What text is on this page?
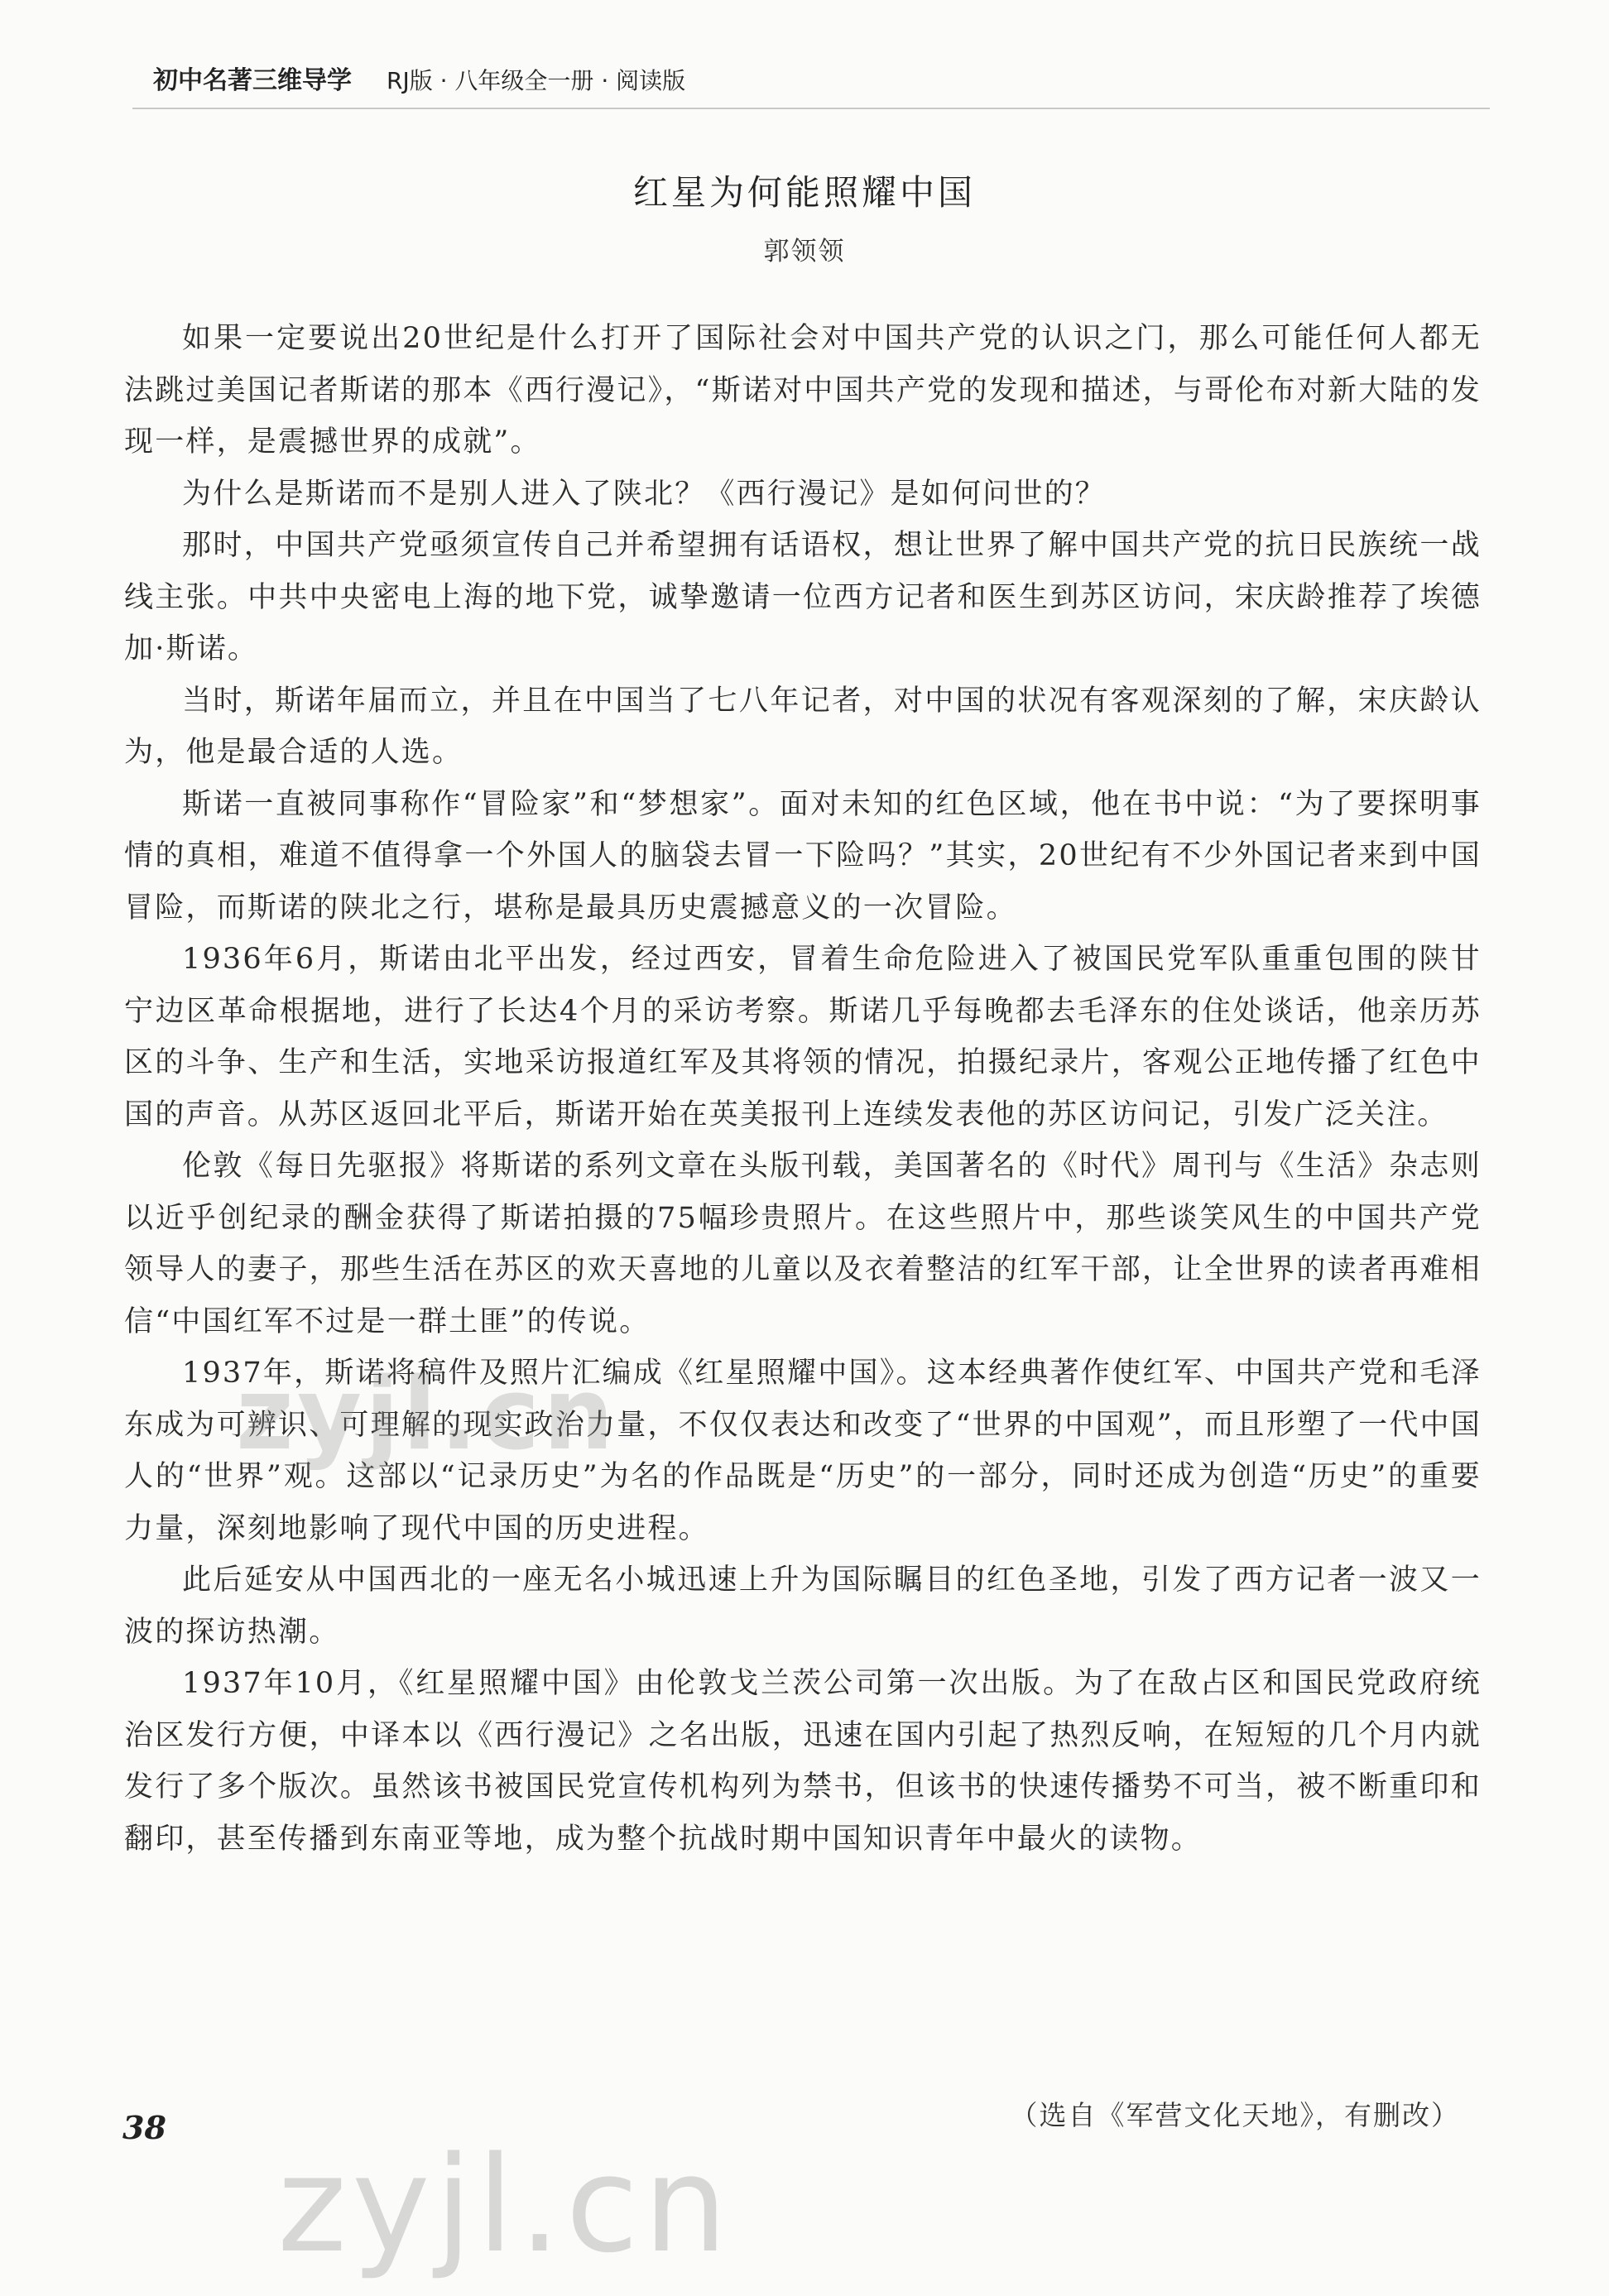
初中名著三维导学 RJ版 · 八年级全一册 · 阅读版
红星为何能照耀中国
郭领领

如果一定要说出20世纪是什么打开了国际社会对中国共产党的认识之门，那么可能任何人都无法跳过美国记者斯诺的那本《西行漫记》，“斯诺对中国共产党的发现和描述，与哥伦布对新大陆的发现一样，是震撼世界的成就”。

为什么是斯诺而不是别人进入了陕北？《西行漫记》是如何问世的？

那时，中国共产党亟须宣传自己并希望拥有话语权，想让世界了解中国共产党的抗日民族统一战线主张。中共中央密电上海的地下党，诚挚邀请一位西方记者和医生到苏区访问，宋庆龄推荐了埃德加·斯诺。

当时，斯诺年届而立，并且在中国当了七八年记者，对中国的状况有客观深刻的了解，宋庆龄认为，他是最合适的人选。

斯诺一直被同事称作“冒险家”和“梦想家”。面对未知的红色区域，他在书中说：“为了要探明事情的真相，难道不值得拿一个外国人的脑袋去冒一下险吗？”其实，20世纪有不少外国记者来到中国冒险，而斯诺的陕北之行，堪称是最具历史震撼意义的一次冒险。

1936年6月，斯诺由北平出发，经过西安，冒着生命危险进入了被国民党军队重重包围的陕甘宁边区革命根据地，进行了长达4个月的采访考察。斯诺几乎每晚都去毛泽东的住处谈话，他亲历苏区的斗争、生产和生活，实地采访报道红军及其将领的情况，拍摄纪录片，客观公正地传播了红色中国的声音。从苏区返回北平后，斯诺开始在英美报刊上连续发表他的苏区访问记，引发广泛关注。

伦敦《每日先驱报》将斯诺的系列文章在头版刊载，美国著名的《时代》周刊与《生活》杂志则以近乎创纪录的酬金获得了斯诺拍摄的75幅珍贵照片。在这些照片中，那些谈笑风生的中国共产党领导人的妻子，那些生活在苏区的欢天喜地的儿童以及衣着整洁的红军干部，让全世界的读者再难相信“中国红军不过是一群土匪”的传说。

1937年，斯诺将稿件及照片汇编成《红星照耀中国》。这本经典著作使红军、中国共产党和毛泽东成为可辨识、可理解的现实政治力量，不仅仅表达和改变了“世界的中国观”，而且形塑了一代中国人的“世界”观。这部以“记录历史”为名的作品既是“历史”的一部分，同时还成为创造“历史”的重要力量，深刻地影响了现代中国的历史进程。

此后延安从中国西北的一座无名小城迅速上升为国际瞩目的红色圣地，引发了西方记者一波又一波的探访热潮。

1937年10月，《红星照耀中国》由伦敦戈兰茨公司第一次出版。为了在敌占区和国民党政府统治区发行方便，中译本以《西行漫记》之名出版，迅速在国内引起了热烈反响，在短短的几个月内就发行了多个版次。虽然该书被国民党宣传机构列为禁书，但该书的快速传播势不可当，被不断重印和翻印，甚至传播到东南亚等地，成为整个抗战时期中国知识青年中最火的读物。

（选自《军营文化天地》，有删改）
zyjl.cn
38 zyjl.cn
